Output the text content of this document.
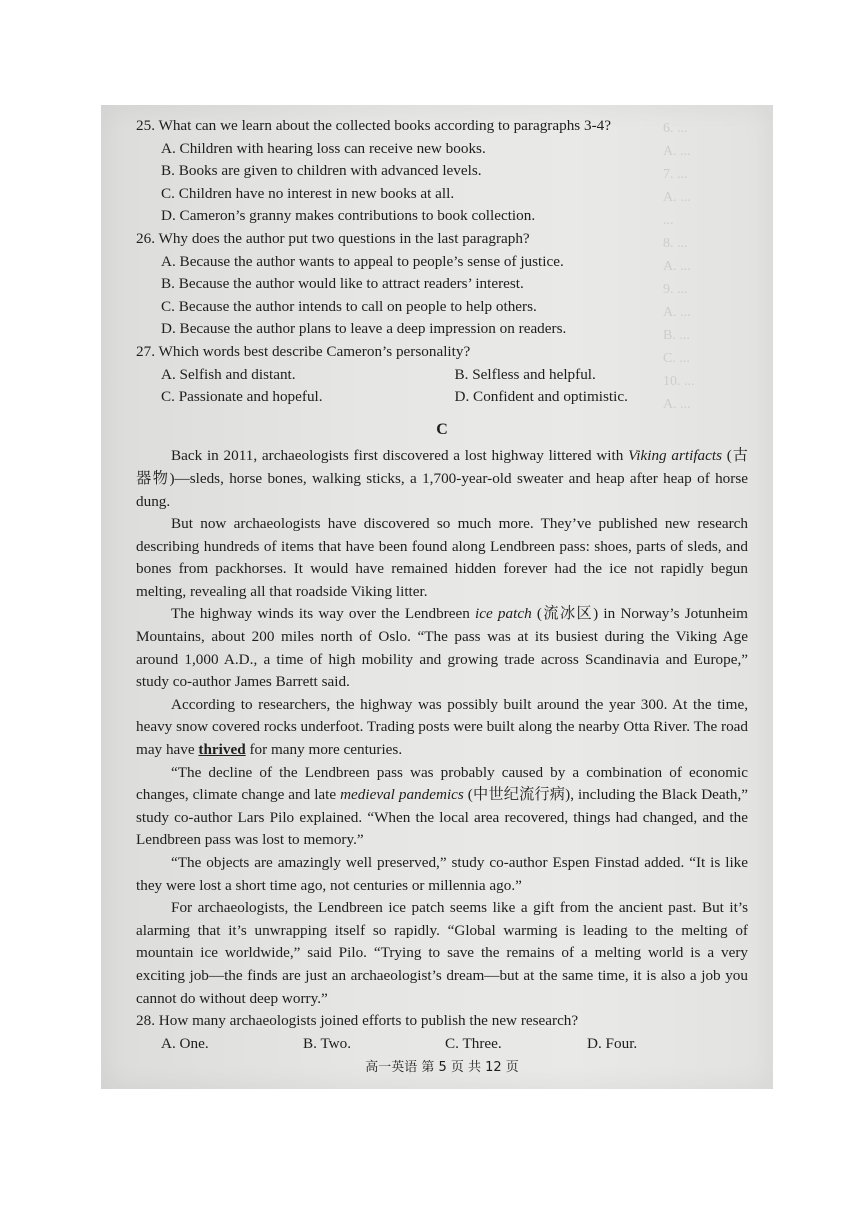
6. ...
A. ...
7. ...
A. ...
...
8. ...
A. ...
9. ...
A. ...
B. ...
C. ...
10. ...
A. ...

25. What can we learn about the collected books according to paragraphs 3-4?

A. Children with hearing loss can receive new books.

B. Books are given to children with advanced levels.

C. Children have no interest in new books at all.

D. Cameron’s granny makes contributions to book collection.

26. Why does the author put two questions in the last paragraph?

A. Because the author wants to appeal to people’s sense of justice.

B. Because the author would like to attract readers’ interest.

C. Because the author intends to call on people to help others.

D. Because the author plans to leave a deep impression on readers.

27. Which words best describe Cameron’s personality?

A. Selfish and distant.	B. Selfless and helpful.
C. Passionate and hopeful.	D. Confident and optimistic.
C

Back in 2011, archaeologists first discovered a lost highway littered with Viking artifacts (古器物)—sleds, horse bones, walking sticks, a 1,700-year-old sweater and heap after heap of horse dung.

But now archaeologists have discovered so much more. They’ve published new research describing hundreds of items that have been found along Lendbreen pass: shoes, parts of sleds, and bones from packhorses. It would have remained hidden forever had the ice not rapidly begun melting, revealing all that roadside Viking litter.

The highway winds its way over the Lendbreen ice patch (流冰区) in Norway’s Jotunheim Mountains, about 200 miles north of Oslo. “The pass was at its busiest during the Viking Age around 1,000 A.D., a time of high mobility and growing trade across Scandinavia and Europe,” study co-author James Barrett said.

According to researchers, the highway was possibly built around the year 300. At the time, heavy snow covered rocks underfoot. Trading posts were built along the nearby Otta River. The road may have thrived for many more centuries.

“The decline of the Lendbreen pass was probably caused by a combination of economic changes, climate change and late medieval pandemics (中世纪流行病), including the Black Death,” study co-author Lars Pilo explained. “When the local area recovered, things had changed, and the Lendbreen pass was lost to memory.”

“The objects are amazingly well preserved,” study co-author Espen Finstad added. “It is like they were lost a short time ago, not centuries or millennia ago.”

For archaeologists, the Lendbreen ice patch seems like a gift from the ancient past. But it’s alarming that it’s unwrapping itself so rapidly. “Global warming is leading to the melting of mountain ice worldwide,” said Pilo. “Trying to save the remains of a melting world is a very exciting job—the finds are just an archaeologist’s dream—but at the same time, it is also a job you cannot do without deep worry.”

28. How many archaeologists joined efforts to publish the new research?

A. One.	B. Two.	C. Three.	D. Four.
高一英语 第 5 页 共 12 页
